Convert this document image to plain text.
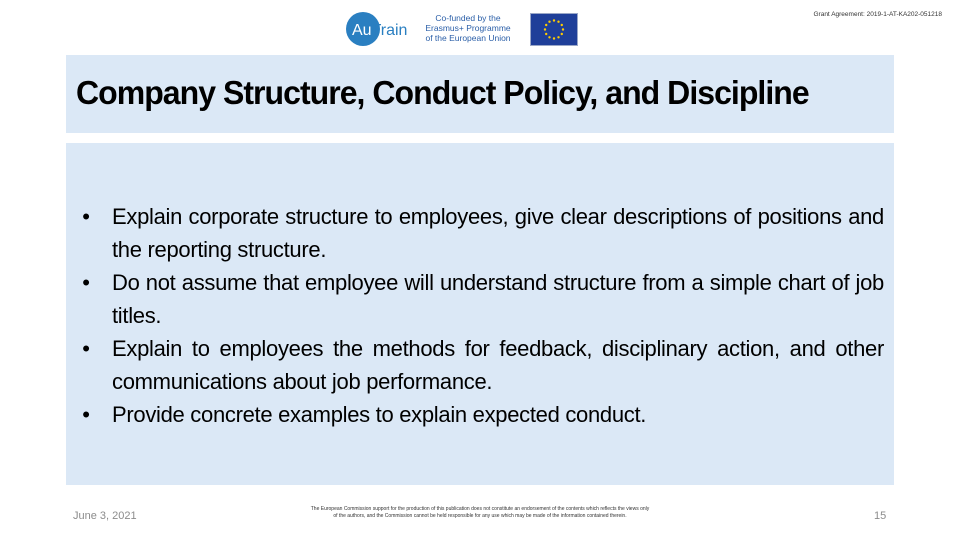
AuTrain
Co-funded by the
Erasmus+ Programme
of the European Union
Grant Agreement: 2019-1-AT-KA202-051218
Company Structure, Conduct Policy, and Discipline
• Explain corporate structure to employees, give clear descriptions of positions and the reporting structure.
• Do not assume that employee will understand structure from a simple chart of job titles.
• Explain to employees the methods for feedback, disciplinary action, and other communications about job performance.
• Provide concrete examples to explain expected conduct.
June 3, 2021
The European Commission support for the production of this publication does not constitute an endorsement of the contents which reflects the views only of the authors, and the Commission cannot be held responsible for any use which may be made of the information contained therein.	15
